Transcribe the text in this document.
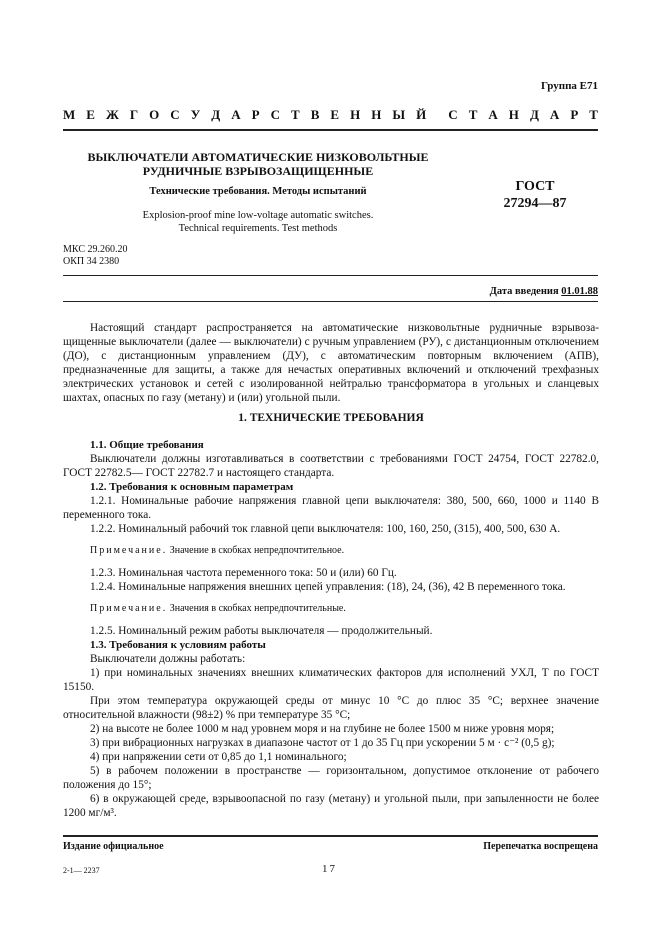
Группа Е71
М Е Ж Г О С У Д А Р С Т В Е Н Н Ы Й С Т А Н Д А Р Т
ВЫКЛЮЧАТЕЛИ АВТОМАТИЧЕСКИЕ НИЗКОВОЛЬТНЫЕ
РУДНИЧНЫЕ ВЗРЫВОЗАЩИЩЕННЫЕ
Технические требования. Методы испытаний
Explosion-proof mine low-voltage automatic switches.
Technical requirements. Test methods
ГОСТ
27294—87
МКС 29.260.20
ОКП 34 2380
Дата введения 01.01.88
Настоящий стандарт распространяется на автоматические низковольтные рудничные взрывозащищенные выключатели (далее — выключатели) с ручным управлением (РУ), с дистанционным отключением (ДО), с дистанционным управлением (ДУ), с автоматическим повторным включением (АПВ), предназначенные для защиты, а также для нечастых оперативных включений и отключений трехфазных электрических установок и сетей с изолированной нейтралью трансформатора в угольных и сланцевых шахтах, опасных по газу (метану) и (или) угольной пыли.
1. ТЕХНИЧЕСКИЕ ТРЕБОВАНИЯ
1.1. Общие требования
Выключатели должны изготавливаться в соответствии с требованиями ГОСТ 24754, ГОСТ 22782.0, ГОСТ 22782.5— ГОСТ 22782.7 и настоящего стандарта.
1.2. Требования к основным параметрам
1.2.1. Номинальные рабочие напряжения главной цепи выключателя: 380, 500, 660, 1000 и 1140 В переменного тока.
1.2.2. Номинальный рабочий ток главной цепи выключателя: 100, 160, 250, (315), 400, 500, 630 А.
Примечание. Значение в скобках непредпочтительное.
1.2.3. Номинальная частота переменного тока: 50 и (или) 60 Гц.
1.2.4. Номинальные напряжения внешних цепей управления: (18), 24, (36), 42 В переменного тока.
Примечание. Значения в скобках непредпочтительные.
1.2.5. Номинальный режим работы выключателя — продолжительный.
1.3. Требования к условиям работы
Выключатели должны работать:
1) при номинальных значениях внешних климатических факторов для исполнений УХЛ, Т по ГОСТ 15150.
При этом температура окружающей среды от минус 10 °С до плюс 35 °С; верхнее значение относительной влажности (98±2) % при температуре 35 °С;
2) на высоте не более 1000 м над уровнем моря и на глубине не более 1500 м ниже уровня моря;
3) при вибрационных нагрузках в диапазоне частот от 1 до 35 Гц при ускорении 5 м · с⁻² (0,5 g);
4) при напряжении сети от 0,85 до 1,1 номинального;
5) в рабочем положении в пространстве — горизонтальном, допустимое отклонение от рабочего положения до 15°;
6) в окружающей среде, взрывоопасной по газу (метану) и угольной пыли, при запыленности не более 1200 мг/м³.
Издание официальное	Перепечатка воспрещена
2-1— 2237	17
